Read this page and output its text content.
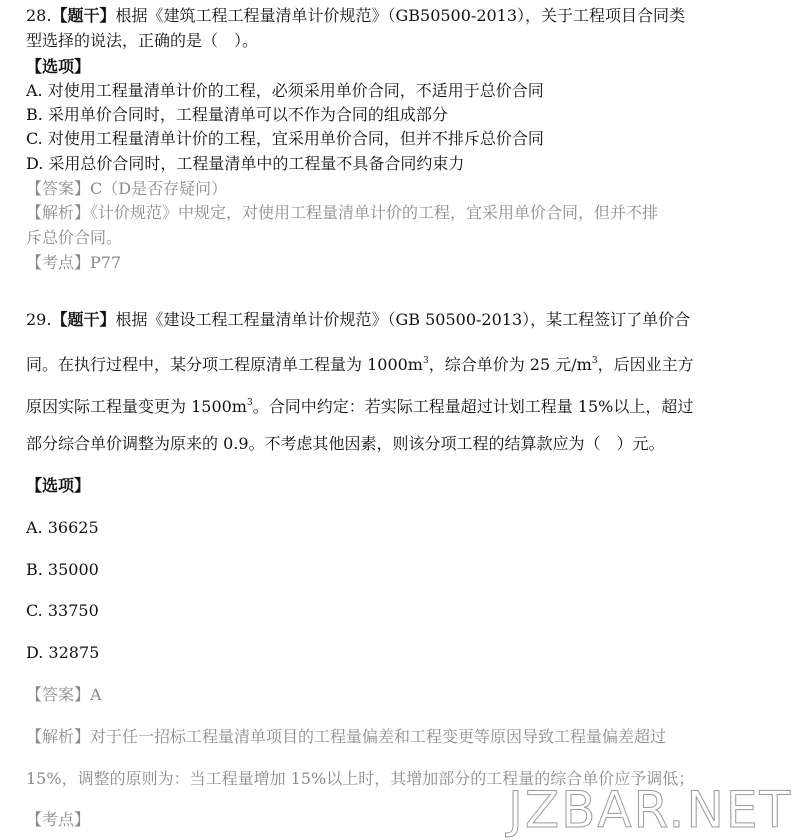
28.【题干】根据《建筑工程工程量清单计价规范》（GB50500-2013），关于工程项目合同类
型选择的说法，正确的是（　）。
【选项】
A. 对使用工程量清单计价的工程，必须采用单价合同，不适用于总价合同
B. 采用单价合同时，工程量清单可以不作为合同的组成部分
C. 对使用工程量清单计价的工程，宜采用单价合同，但并不排斥总价合同
D. 采用总价合同时，工程量清单中的工程量不具备合同约束力
【答案】C（D是否存疑问）
【解析】《计价规范》中规定，对使用工程量清单计价的工程，宜采用单价合同，但并不排
斥总价合同。
【考点】P77
29.【题干】根据《建设工程工程量清单计价规范》（GB 50500-2013），某工程签订了单价合
同。在执行过程中，某分项工程原清单工程量为 $1000m^3$，综合单价为 25 元$/m^3$，后因业主方
原因实际工程量变更为 $1500m^3$。合同中约定：若实际工程量超过计划工程量 15%以上，超过
部分综合单价调整为原来的 0.9。不考虑其他因素，则该分项工程的结算款应为（　）元。
【选项】
A. 36625
B. 35000
C. 33750
D. 32875
【答案】A
【解析】对于任一招标工程量清单项目的工程量偏差和工程变更等原因导致工程量偏差超过
15%，调整的原则为：当工程量增加 15%以上时，其增加部分的工程量的综合单价应予调低；
【考点】	JZBAR.NET
